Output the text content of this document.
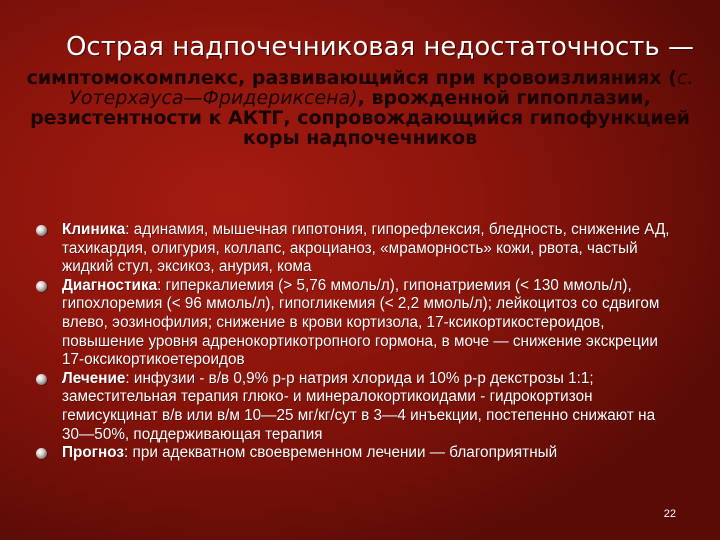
Острая надпочечниковая недостаточность —

симптомокомплекс, развивающийся при кровоизлияниях (с. Уотерхауса—Фридериксена), врожденной гипоплазии, резистентности к АКТГ, сопровождающийся гипофункцией коры надпочечников

Клиника: адинамия, мышечная гипотония, гипорефлексия, бледность, снижение АД, тахикардия, олигурия, коллапс, акроцианоз, «мраморность» кожи, рвота, частый жидкий стул, эксикоз, анурия, кома
Диагностика: гиперкалиемия (> 5,76 ммоль/л), гипонатриемия (< 130 ммоль/л), гипохлоремия (< 96 ммоль/л), гипогликемия (< 2,2 ммоль/л); лейкоцитоз со сдвигом влево, эозинофилия; снижение в крови кортизола, 17-ксикортикостероидов, повышение уровня адренокортикотропного гормона, в моче — снижение экскреции 17-оксикортикоетероидов
Лечение: инфузии - в/в 0,9% р-р натрия хлорида и 10% р-р декстрозы 1:1; заместительная терапия глюко- и минералокортикоидами - гидрокортизон гемисукцинат в/в или в/м 10—25 мг/кг/сут в 3—4 инъекции, постепенно снижают на 30—50%, поддерживающая терапия
Прогноз: при адекватном своевременном лечении — благоприятный
22
